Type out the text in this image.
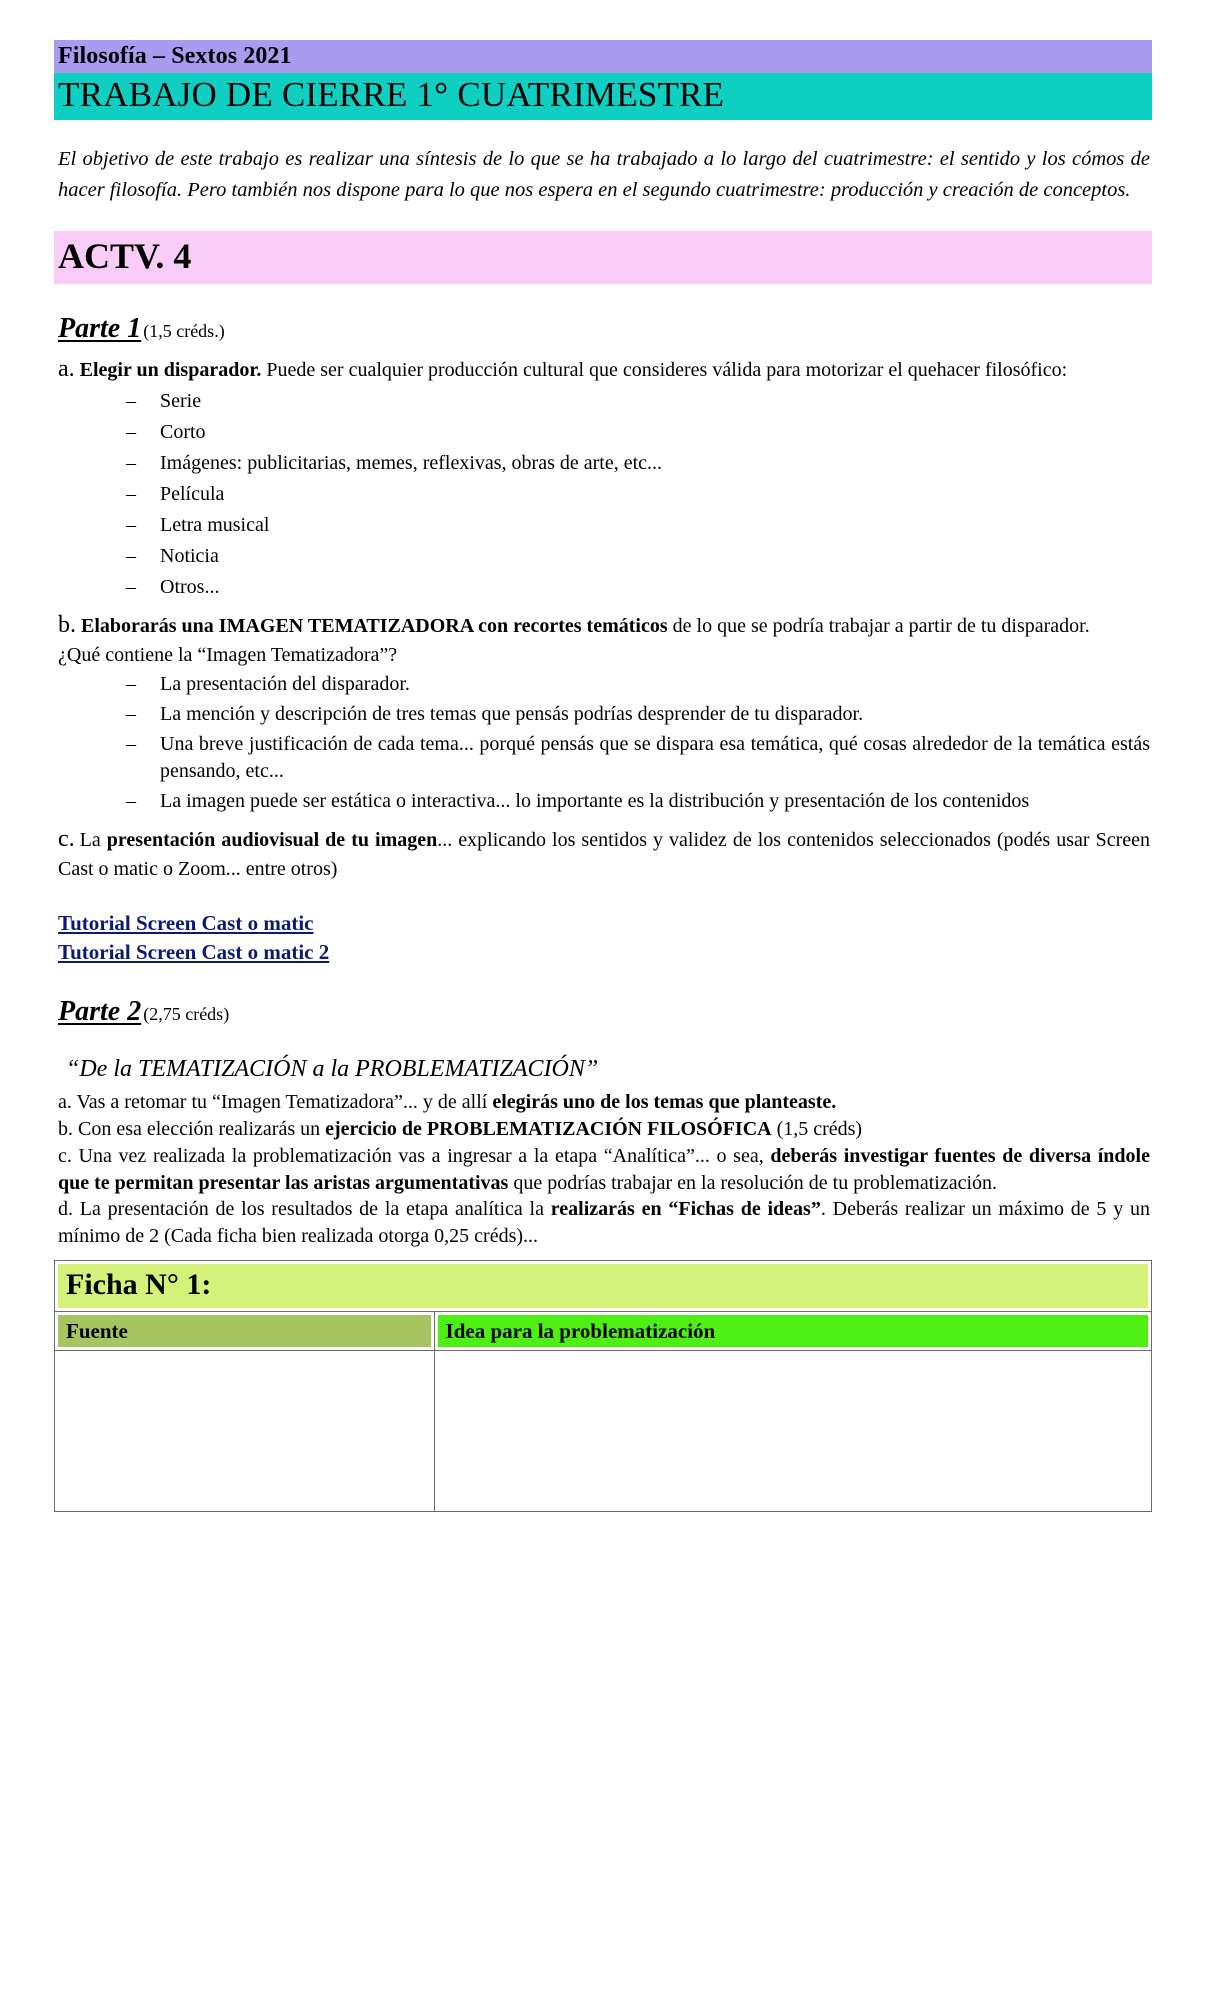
Filosofía – Sextos 2021
TRABAJO DE CIERRE 1° CUATRIMESTRE

El objetivo de este trabajo es realizar una síntesis de lo que se ha trabajado a lo largo del cuatrimestre: el sentido y los cómos de hacer filosofía. Pero también nos dispone para lo que nos espera en el segundo cuatrimestre: producción y creación de conceptos.

ACTV. 4
Parte 1 (1,5 créds.)

a. Elegir un disparador. Puede ser cualquier producción cultural que consideres válida para motorizar el quehacer filosófico:

– Serie
– Corto
– Imágenes: publicitarias, memes, reflexivas, obras de arte, etc...
– Película
– Letra musical
– Noticia
– Otros...

b. Elaborarás una IMAGEN TEMATIZADORA con recortes temáticos de lo que se podría trabajar a partir de tu disparador.

¿Qué contiene la “Imagen Tematizadora”?

– La presentación del disparador.
– La mención y descripción de tres temas que pensás podrías desprender de tu disparador.
– Una breve justificación de cada tema... porqué pensás que se dispara esa temática, qué cosas alrededor de la temática estás pensando, etc...
– La imagen puede ser estática o interactiva... lo importante es la distribución y presentación de los contenidos

c. La presentación audiovisual de tu imagen... explicando los sentidos y validez de los contenidos seleccionados (podés usar Screen Cast o matic o Zoom... entre otros)

Tutorial Screen Cast o matic
Tutorial Screen Cast o matic 2
Parte 2 (2,75 créds)
“De la TEMATIZACIÓN a la PROBLEMATIZACIÓN”

a. Vas a retomar tu “Imagen Tematizadora”... y de allí elegirás uno de los temas que planteaste.

b. Con esa elección realizarás un ejercicio de PROBLEMATIZACIÓN FILOSÓFICA (1,5 créds)

c. Una vez realizada la problematización vas a ingresar a la etapa “Analítica”... o sea, deberás investigar fuentes de diversa índole que te permitan presentar las aristas argumentativas que podrías trabajar en la resolución de tu problematización.

d. La presentación de los resultados de la etapa analítica la realizarás en “Fichas de ideas”. Deberás realizar un máximo de 5 y un mínimo de 2 (Cada ficha bien realizada otorga 0,25 créds)...

Ficha N° 1:	

Fuente	Idea para la problematización
